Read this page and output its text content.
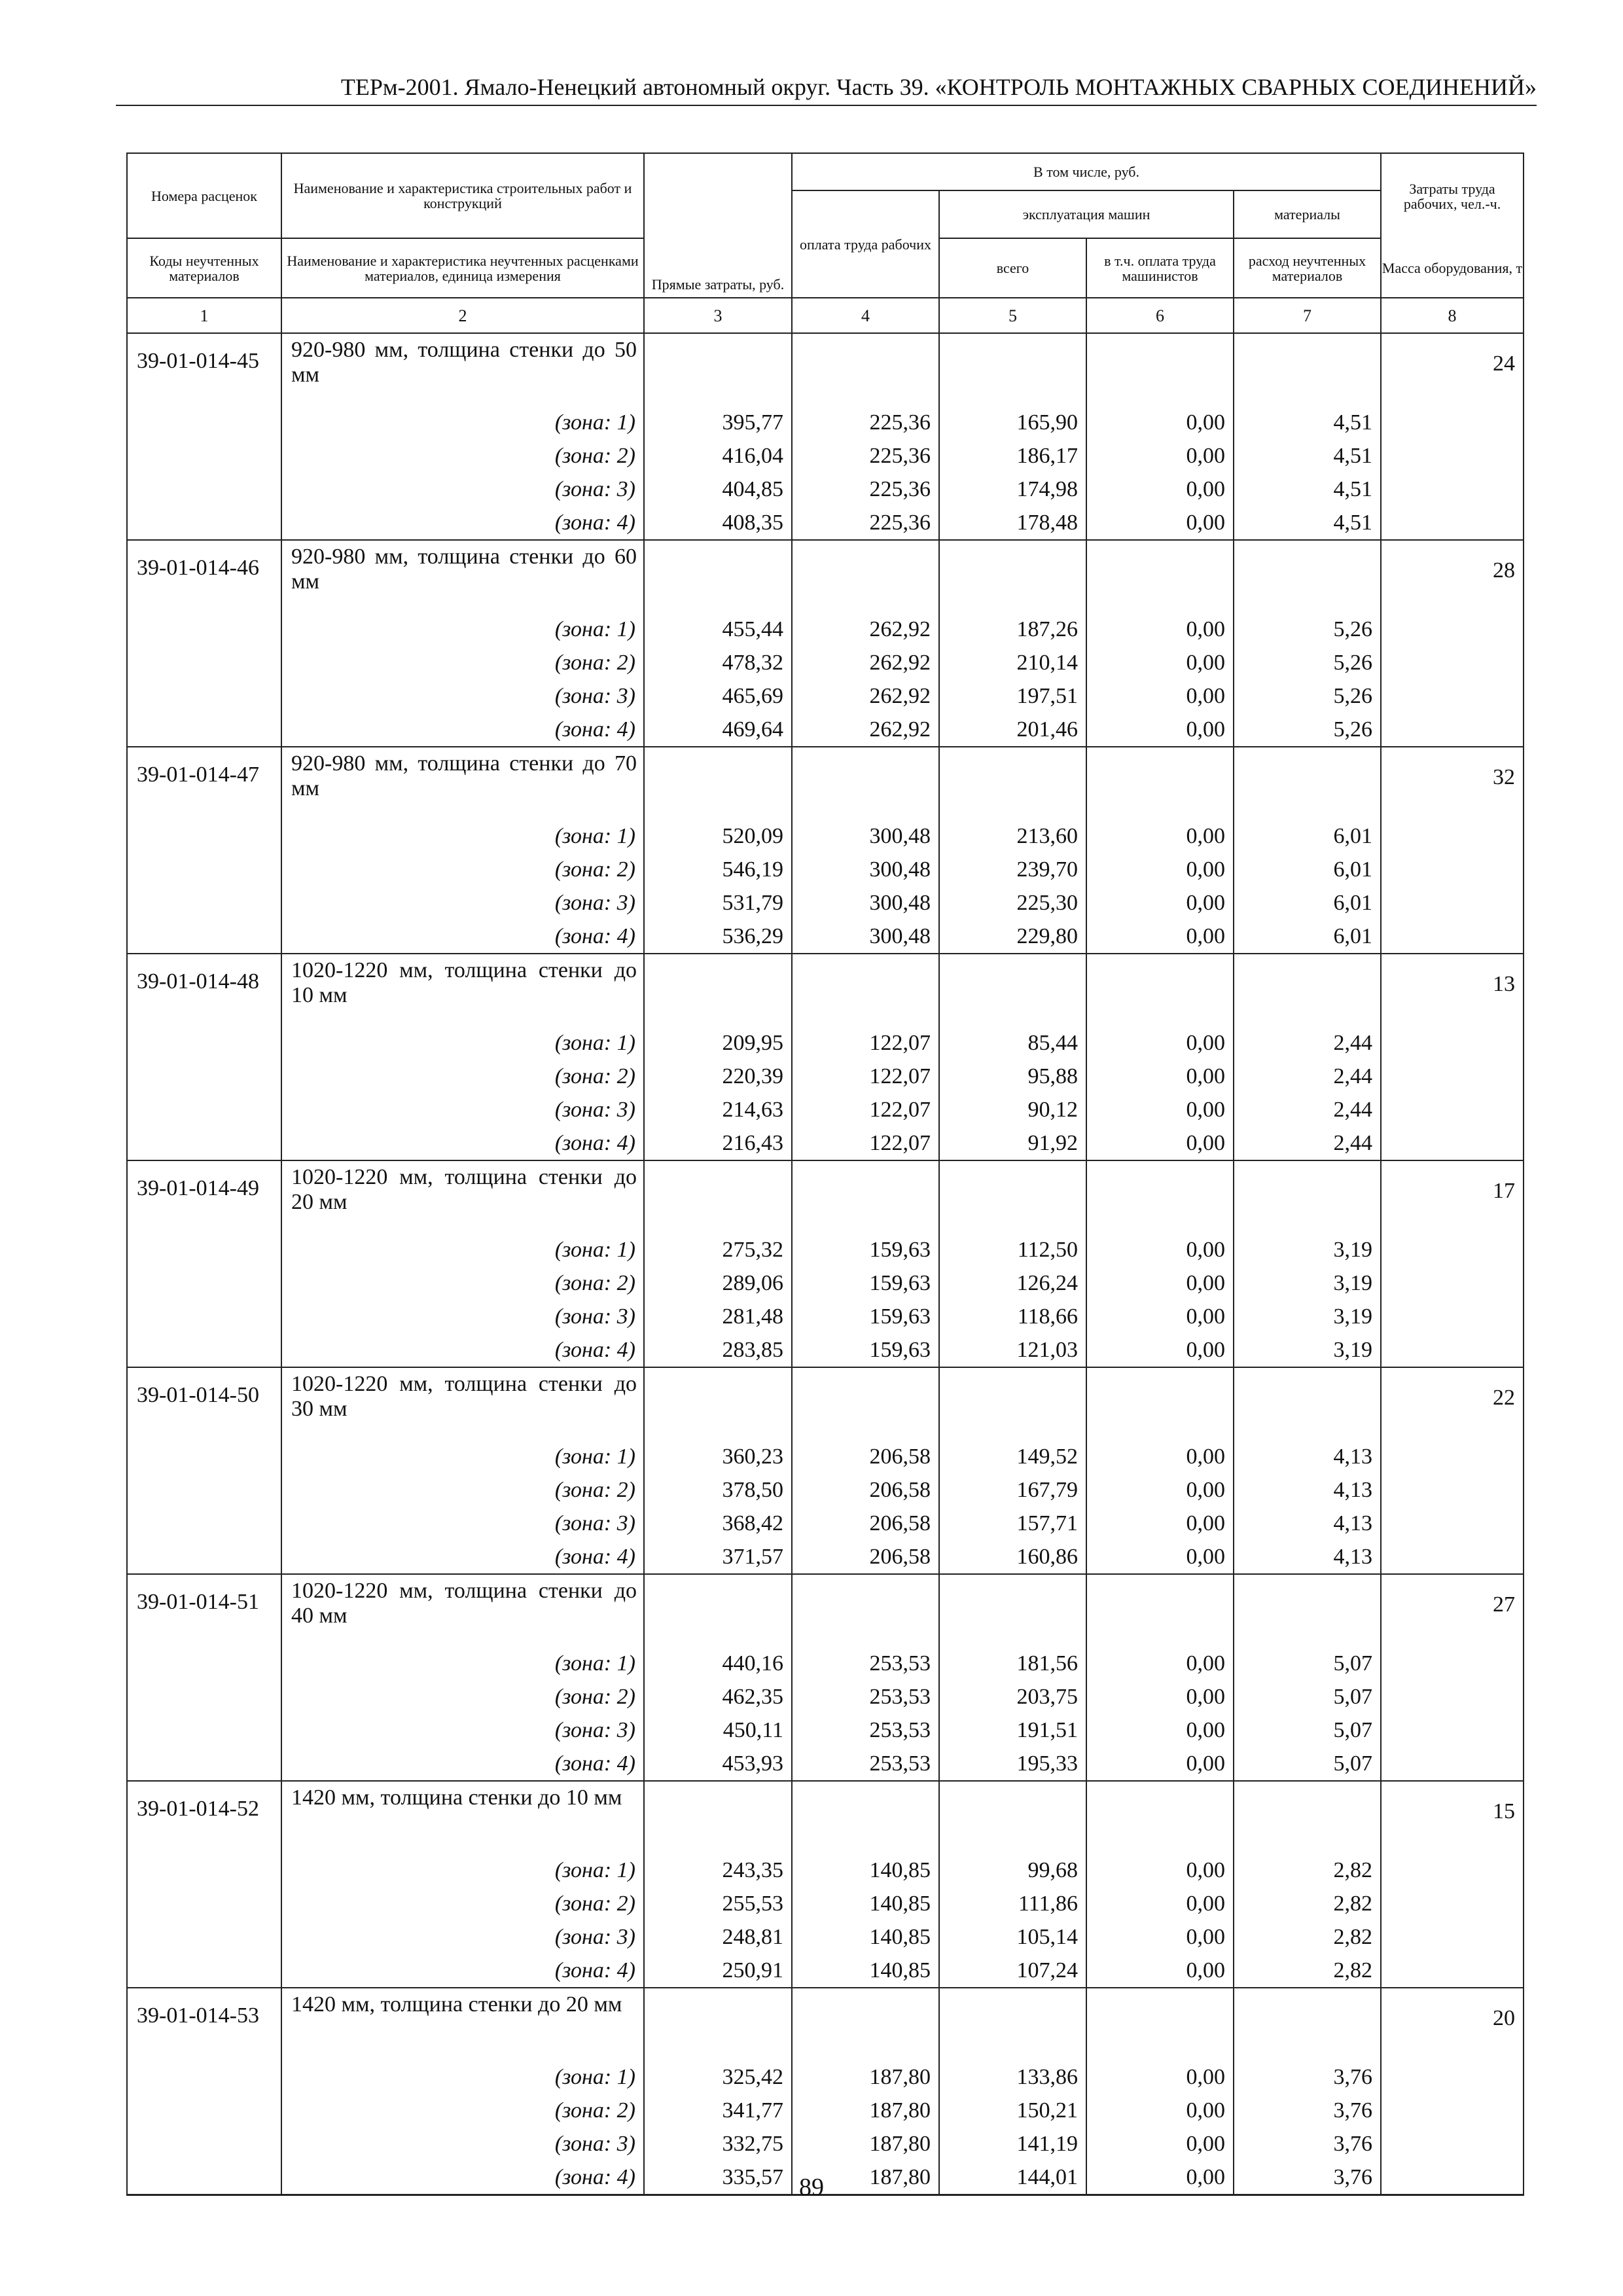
ТЕРм-2001. Ямало-Ненецкий автономный округ. Часть 39. «КОНТРОЛЬ МОНТАЖНЫХ СВАРНЫХ СОЕДИНЕНИЙ»
Номера расценок	Наименование и характеристика строительных работ и конструкций	Прямые затраты, руб.	В том числе, руб.				Затраты труда рабочих, чел.-ч.
			оплата труда рабочих	эксплуатация машин		материалы	
Коды неучтенных материалов	Наименование и характеристика неучтенных расценками материалов, единица измерения			всего	в т.ч. оплата труда машинистов	расход неучтенных материалов	Масса оборудования, т
1	2	3	4	5	6	7	8
39-01-014-45	920-980 мм, толщина стенки до 50 мм						24
	(зона: 1)	395,77	225,36	165,90	0,00	4,51	
	(зона: 2)	416,04	225,36	186,17	0,00	4,51	
	(зона: 3)	404,85	225,36	174,98	0,00	4,51	
	(зона: 4)	408,35	225,36	178,48	0,00	4,51	
39-01-014-46	920-980 мм, толщина стенки до 60 мм						28
	(зона: 1)	455,44	262,92	187,26	0,00	5,26	
	(зона: 2)	478,32	262,92	210,14	0,00	5,26	
	(зона: 3)	465,69	262,92	197,51	0,00	5,26	
	(зона: 4)	469,64	262,92	201,46	0,00	5,26	
39-01-014-47	920-980 мм, толщина стенки до 70 мм						32
	(зона: 1)	520,09	300,48	213,60	0,00	6,01	
	(зона: 2)	546,19	300,48	239,70	0,00	6,01	
	(зона: 3)	531,79	300,48	225,30	0,00	6,01	
	(зона: 4)	536,29	300,48	229,80	0,00	6,01	
39-01-014-48	1020-1220 мм, толщина стенки до 10 мм						13
	(зона: 1)	209,95	122,07	85,44	0,00	2,44	
	(зона: 2)	220,39	122,07	95,88	0,00	2,44	
	(зона: 3)	214,63	122,07	90,12	0,00	2,44	
	(зона: 4)	216,43	122,07	91,92	0,00	2,44	
39-01-014-49	1020-1220 мм, толщина стенки до 20 мм						17
	(зона: 1)	275,32	159,63	112,50	0,00	3,19	
	(зона: 2)	289,06	159,63	126,24	0,00	3,19	
	(зона: 3)	281,48	159,63	118,66	0,00	3,19	
	(зона: 4)	283,85	159,63	121,03	0,00	3,19	
39-01-014-50	1020-1220 мм, толщина стенки до 30 мм						22
	(зона: 1)	360,23	206,58	149,52	0,00	4,13	
	(зона: 2)	378,50	206,58	167,79	0,00	4,13	
	(зона: 3)	368,42	206,58	157,71	0,00	4,13	
	(зона: 4)	371,57	206,58	160,86	0,00	4,13	
39-01-014-51	1020-1220 мм, толщина стенки до 40 мм						27
	(зона: 1)	440,16	253,53	181,56	0,00	5,07	
	(зона: 2)	462,35	253,53	203,75	0,00	5,07	
	(зона: 3)	450,11	253,53	191,51	0,00	5,07	
	(зона: 4)	453,93	253,53	195,33	0,00	5,07	
39-01-014-52	1420 мм, толщина стенки до 10 мм						15
	(зона: 1)	243,35	140,85	99,68	0,00	2,82	
	(зона: 2)	255,53	140,85	111,86	0,00	2,82	
	(зона: 3)	248,81	140,85	105,14	0,00	2,82	
	(зона: 4)	250,91	140,85	107,24	0,00	2,82	
39-01-014-53	1420 мм, толщина стенки до 20 мм						20
	(зона: 1)	325,42	187,80	133,86	0,00	3,76	
	(зона: 2)	341,77	187,80	150,21	0,00	3,76	
	(зона: 3)	332,75	187,80	141,19	0,00	3,76	
	(зона: 4)	335,57	187,80	144,01	0,00	3,76	
89
